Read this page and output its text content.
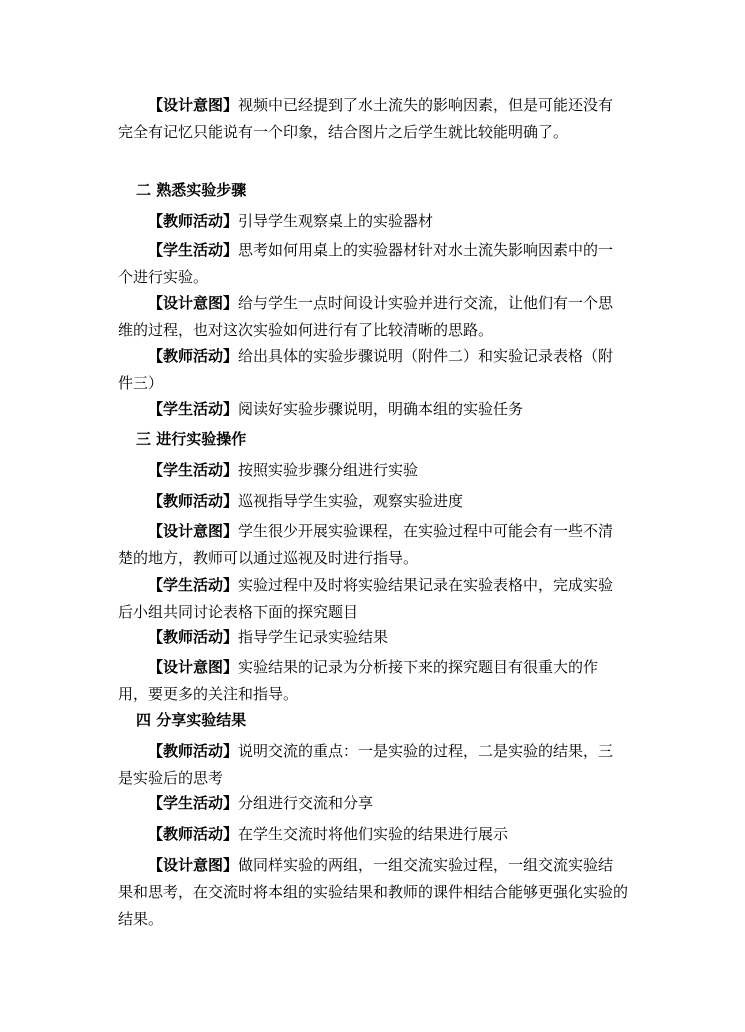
【设计意图】视频中已经提到了水土流失的影响因素，但是可能还没有完全有记忆只能说有一个印象，结合图片之后学生就比较能明确了。

二 熟悉实验步骤

【教师活动】引导学生观察桌上的实验器材

【学生活动】思考如何用桌上的实验器材针对水土流失影响因素中的一个进行实验。

【设计意图】给与学生一点时间设计实验并进行交流，让他们有一个思维的过程，也对这次实验如何进行有了比较清晰的思路。

【教师活动】给出具体的实验步骤说明（附件二）和实验记录表格（附件三）

【学生活动】阅读好实验步骤说明，明确本组的实验任务

三 进行实验操作

【学生活动】按照实验步骤分组进行实验

【教师活动】巡视指导学生实验，观察实验进度

【设计意图】学生很少开展实验课程，在实验过程中可能会有一些不清楚的地方，教师可以通过巡视及时进行指导。

【学生活动】实验过程中及时将实验结果记录在实验表格中，完成实验后小组共同讨论表格下面的探究题目

【教师活动】指导学生记录实验结果

【设计意图】实验结果的记录为分析接下来的探究题目有很重大的作用，要更多的关注和指导。

四 分享实验结果

【教师活动】说明交流的重点：一是实验的过程，二是实验的结果，三是实验后的思考

【学生活动】分组进行交流和分享

【教师活动】在学生交流时将他们实验的结果进行展示

【设计意图】做同样实验的两组，一组交流实验过程，一组交流实验结果和思考，在交流时将本组的实验结果和教师的课件相结合能够更强化实验的结果。
